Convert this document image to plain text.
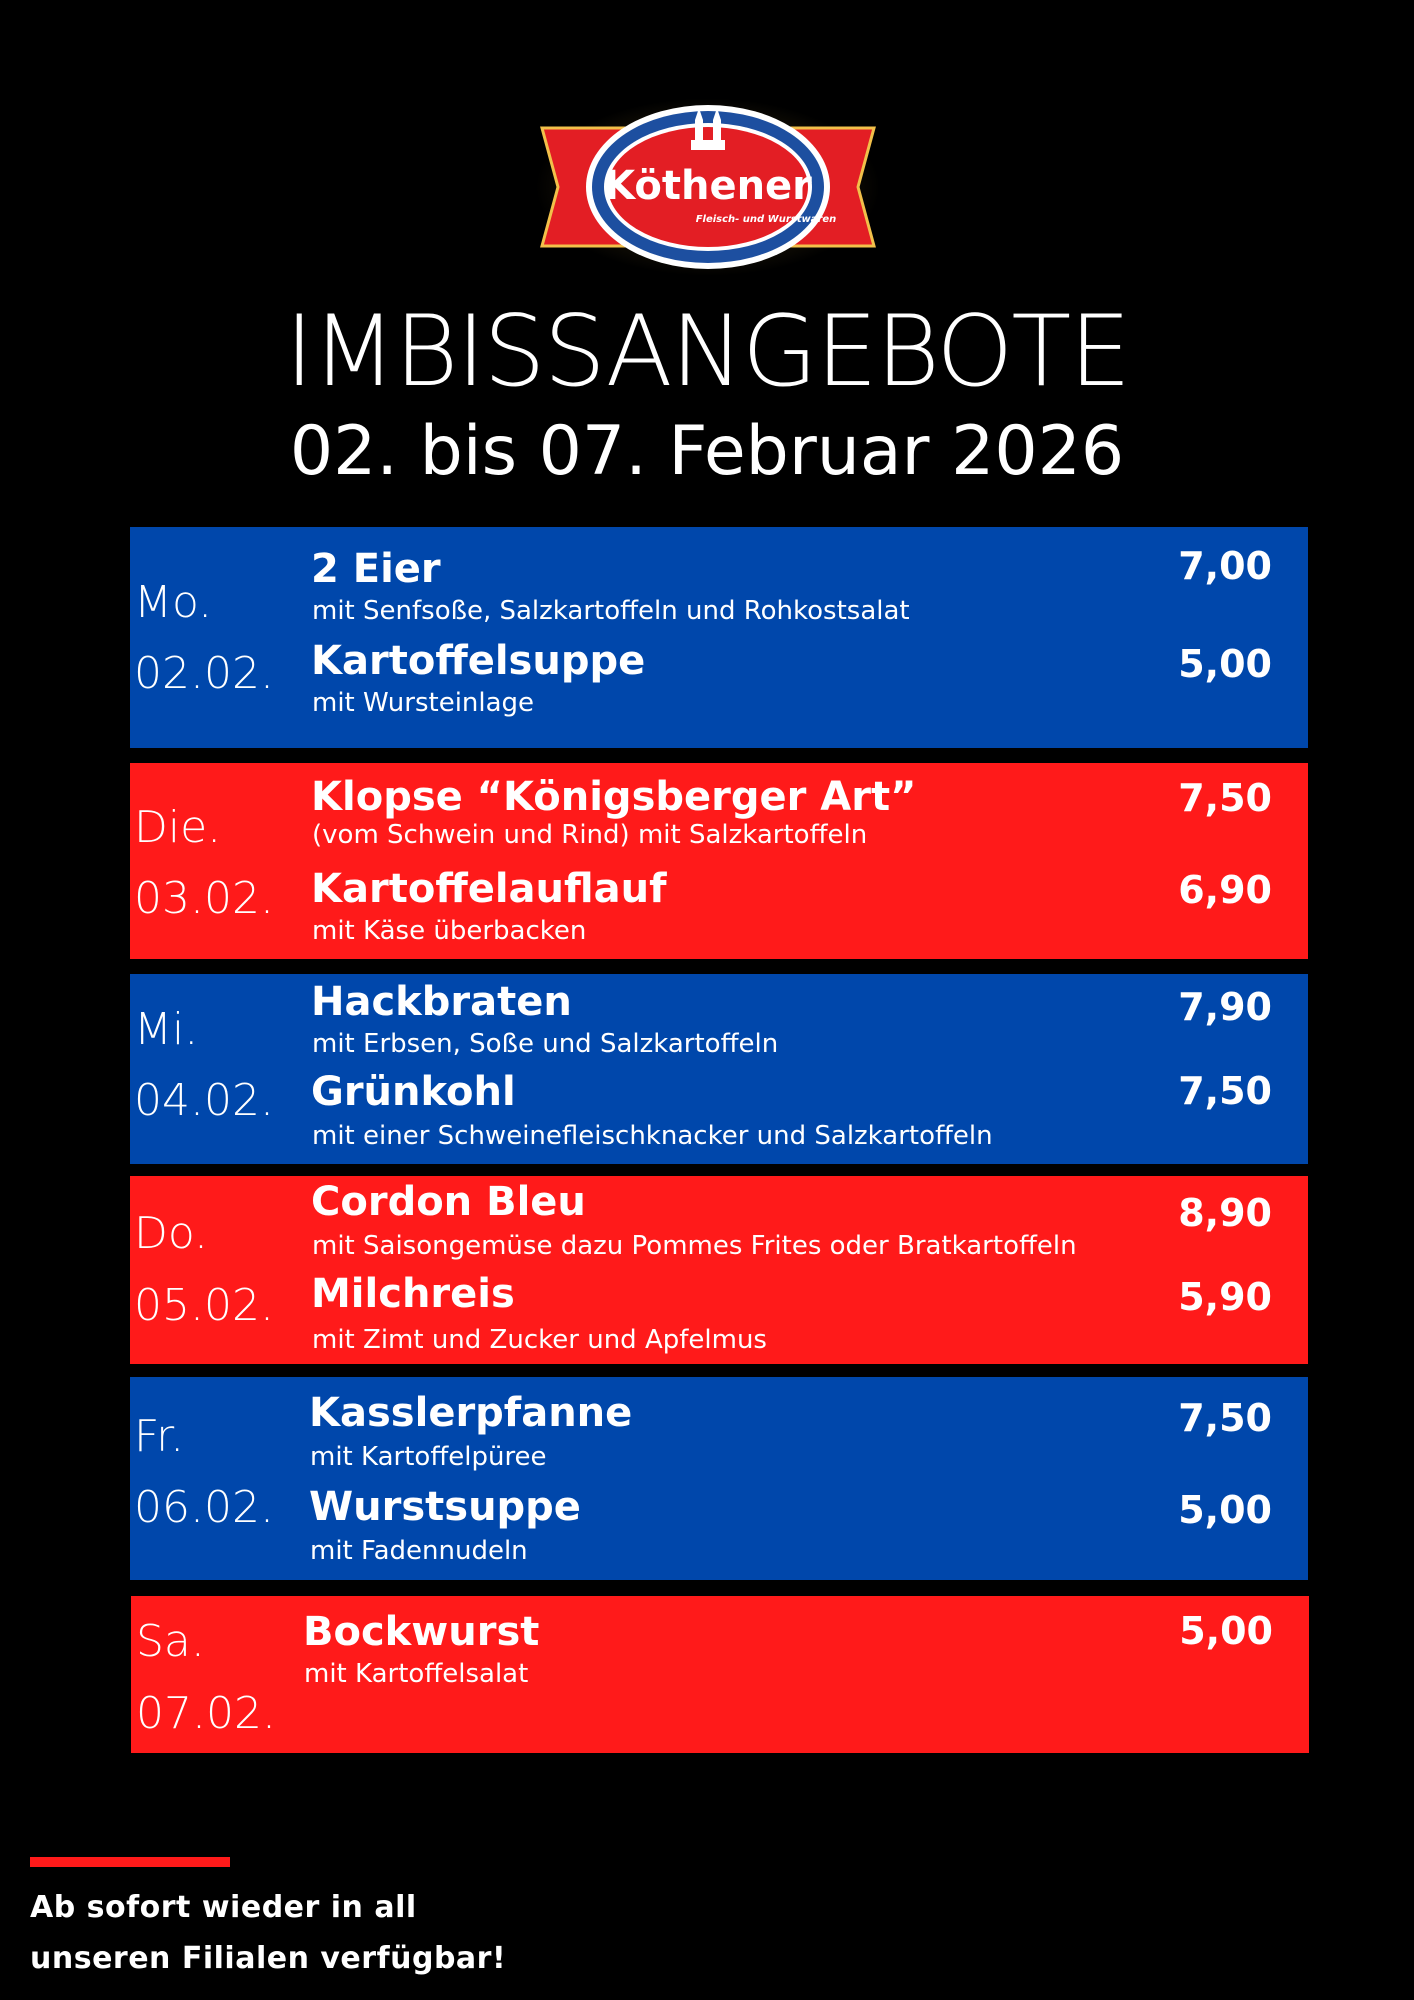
Köthener
Fleisch- und Wurstwaren
IMBISSANGEBOTE
02. bis 07. Februar 2026
Mo.
02.02.
2 Eier
mit Senfsoße, Salzkartoffeln und Rohkostsalat
7,00
Kartoffelsuppe
mit Wursteinlage
5,00
Die.
03.02.
Klopse “Königsberger Art”
(vom Schwein und Rind) mit Salzkartoffeln
7,50
Kartoffelauflauf
mit Käse überbacken
6,90
Mi.
04.02.
Hackbraten
mit Erbsen, Soße und Salzkartoffeln
7,90
Grünkohl
mit einer Schweinefleischknacker und Salzkartoffeln
7,50
Do.
05.02.
Cordon Bleu
mit Saisongemüse dazu Pommes Frites oder Bratkartoffeln
8,90
Milchreis
mit Zimt und Zucker und Apfelmus
5,90
Fr.
06.02.
Kasslerpfanne
mit Kartoffelpüree
7,50
Wurstsuppe
mit Fadennudeln
5,00
Sa.
07.02.
Bockwurst
mit Kartoffelsalat
5,00
Ab sofort wieder in all
unseren Filialen verfügbar!
